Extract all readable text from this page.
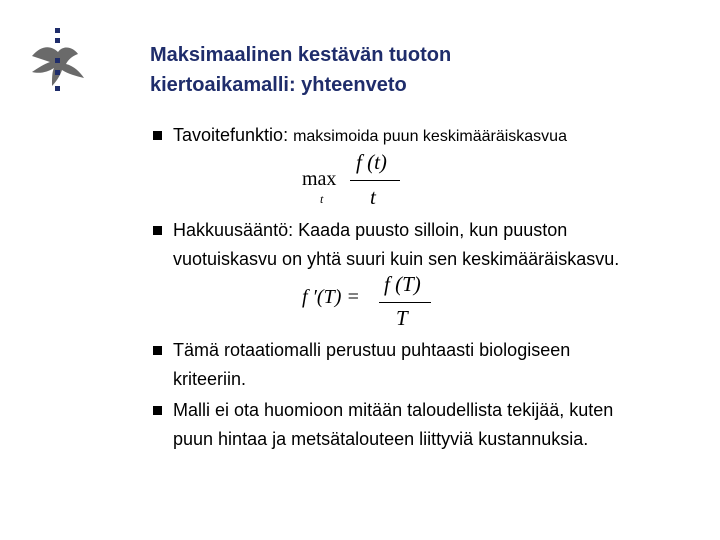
Maksimaalinen kestävän tuoton
kiertoaikamalli: yhteenveto
Tavoitefunktio: maksimoida puun keskimääräiskasvua
max
t
f (t)
t
Hakkuusääntö: Kaada puusto silloin, kun puuston
vuotuiskasvu on yhtä suuri kuin sen keskimääräiskasvu.
f ′(T) =
f (T)
T
Tämä rotaatiomalli perustuu puhtaasti biologiseen
kriteeriin.
Malli ei ota huomioon mitään taloudellista tekijää, kuten
puun hintaa ja metsätalouteen liittyviä kustannuksia.
